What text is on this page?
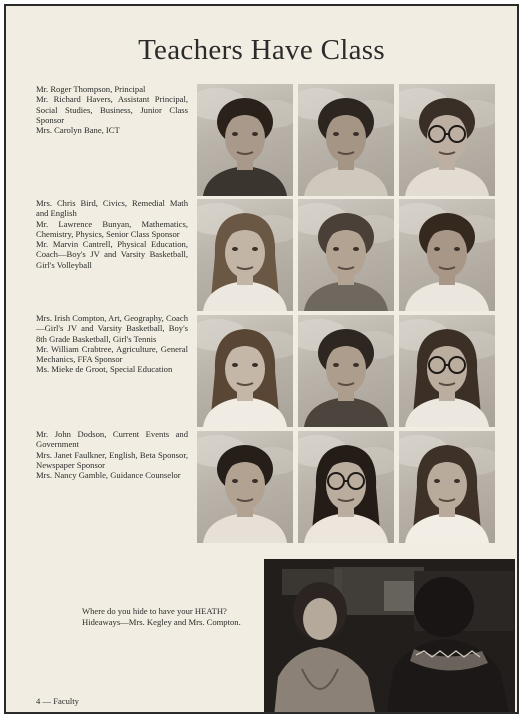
Teachers Have Class

Mr. Roger Thompson, Principal

Mr. Richard Havers, Assistant Principal, Social Studies, Business, Junior Class Sponsor

Mrs. Carolyn Bane, ICT

Mrs. Chris Bird, Civics, Remedial Math and English

Mr. Lawrence Bunyan, Mathematics, Chemistry, Physics, Senior Class Sponsor

Mr. Marvin Cantrell, Physical Education, Coach—Boy's JV and Varsity Basketball, Girl's Volleyball

Mrs. Irish Compton, Art, Geography, Coach—Girl's JV and Varsity Basketball, Boy's 8th Grade Basketball, Girl's Tennis

Mr. William Crabtree, Agriculture, General Mechanics, FFA Sponsor

Ms. Mieke de Groot, Special Education

Mr. John Dodson, Current Events and Government

Mrs. Janet Faulkner, English, Beta Sponsor, Newspaper Sponsor

Mrs. Nancy Gamble, Guidance Counselor

Where do you hide to have your HEATH?

Hideaways—Mrs. Kegley and Mrs. Compton.

4 — Faculty
